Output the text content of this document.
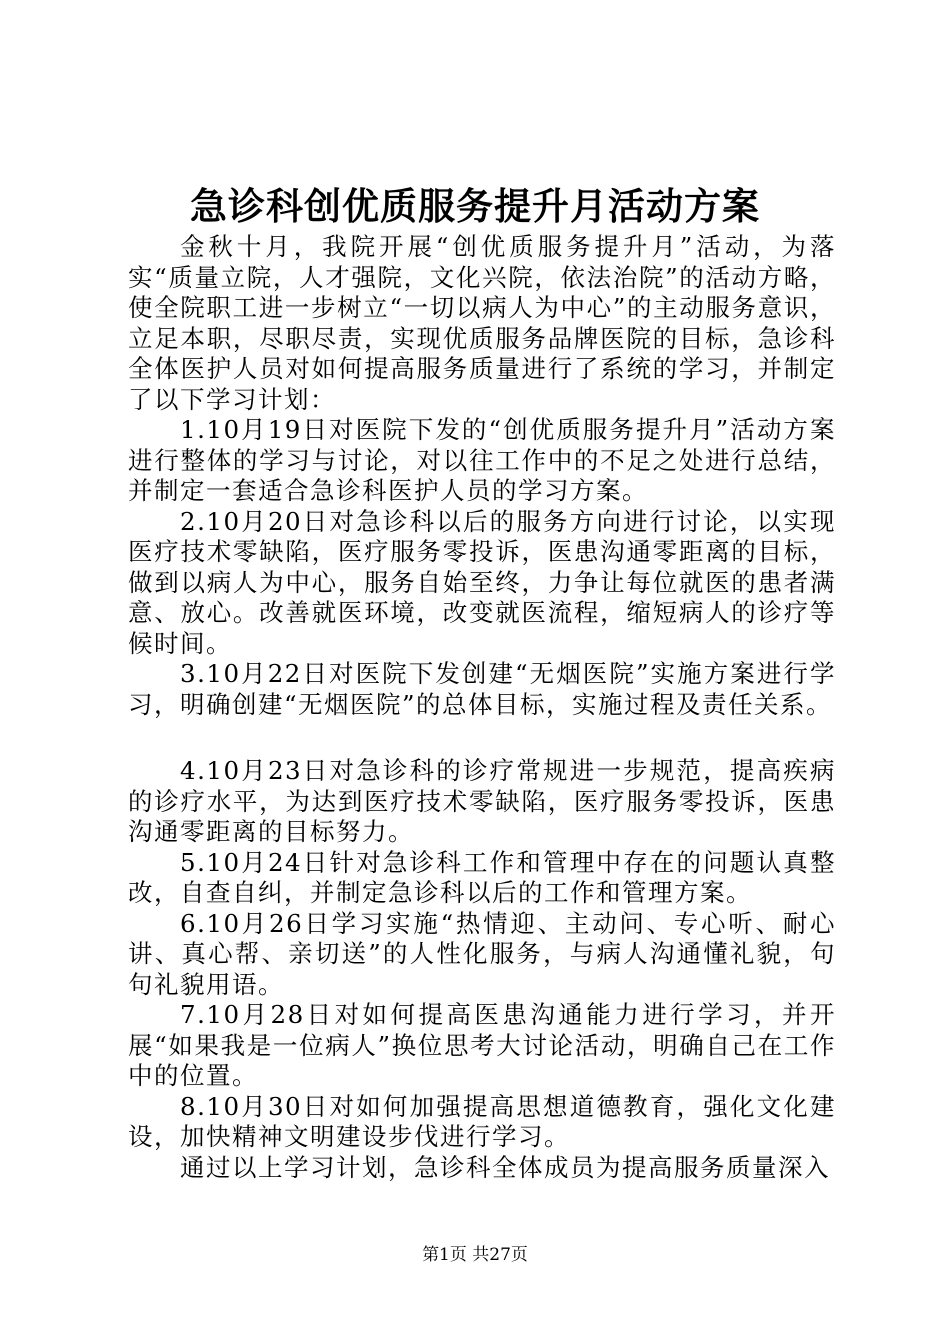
急诊科创优质服务提升月活动方案

金秋十月，我院开展“创优质服务提升月”活动，为落实“质量立院，人才强院，文化兴院，依法治院”的活动方略，使全院职工进一步树立“一切以病人为中心”的主动服务意识，立足本职，尽职尽责，实现优质服务品牌医院的目标，急诊科全体医护人员对如何提高服务质量进行了系统的学习，并制定了以下学习计划：

1.10月19日对医院下发的“创优质服务提升月”活动方案进行整体的学习与讨论，对以往工作中的不足之处进行总结，并制定一套适合急诊科医护人员的学习方案。

2.10月20日对急诊科以后的服务方向进行讨论，以实现医疗技术零缺陷，医疗服务零投诉，医患沟通零距离的目标，做到以病人为中心，服务自始至终，力争让每位就医的患者满意、放心。改善就医环境，改变就医流程，缩短病人的诊疗等候时间。

3.10月22日对医院下发创建“无烟医院”实施方案进行学习，明确创建“无烟医院”的总体目标，实施过程及责任关系。

4.10月23日对急诊科的诊疗常规进一步规范，提高疾病的诊疗水平，为达到医疗技术零缺陷，医疗服务零投诉，医患沟通零距离的目标努力。

5.10月24日针对急诊科工作和管理中存在的问题认真整改，自查自纠，并制定急诊科以后的工作和管理方案。

6.10月26日学习实施“热情迎、主动问、专心听、耐心讲、真心帮、亲切送”的人性化服务，与病人沟通懂礼貌，句句礼貌用语。

7.10月28日对如何提高医患沟通能力进行学习，并开展“如果我是一位病人”换位思考大讨论活动，明确自己在工作中的位置。

8.10月30日对如何加强提高思想道德教育，强化文化建设，加快精神文明建设步伐进行学习。

通过以上学习计划，急诊科全体成员为提高服务质量深入

第1页 共27页
